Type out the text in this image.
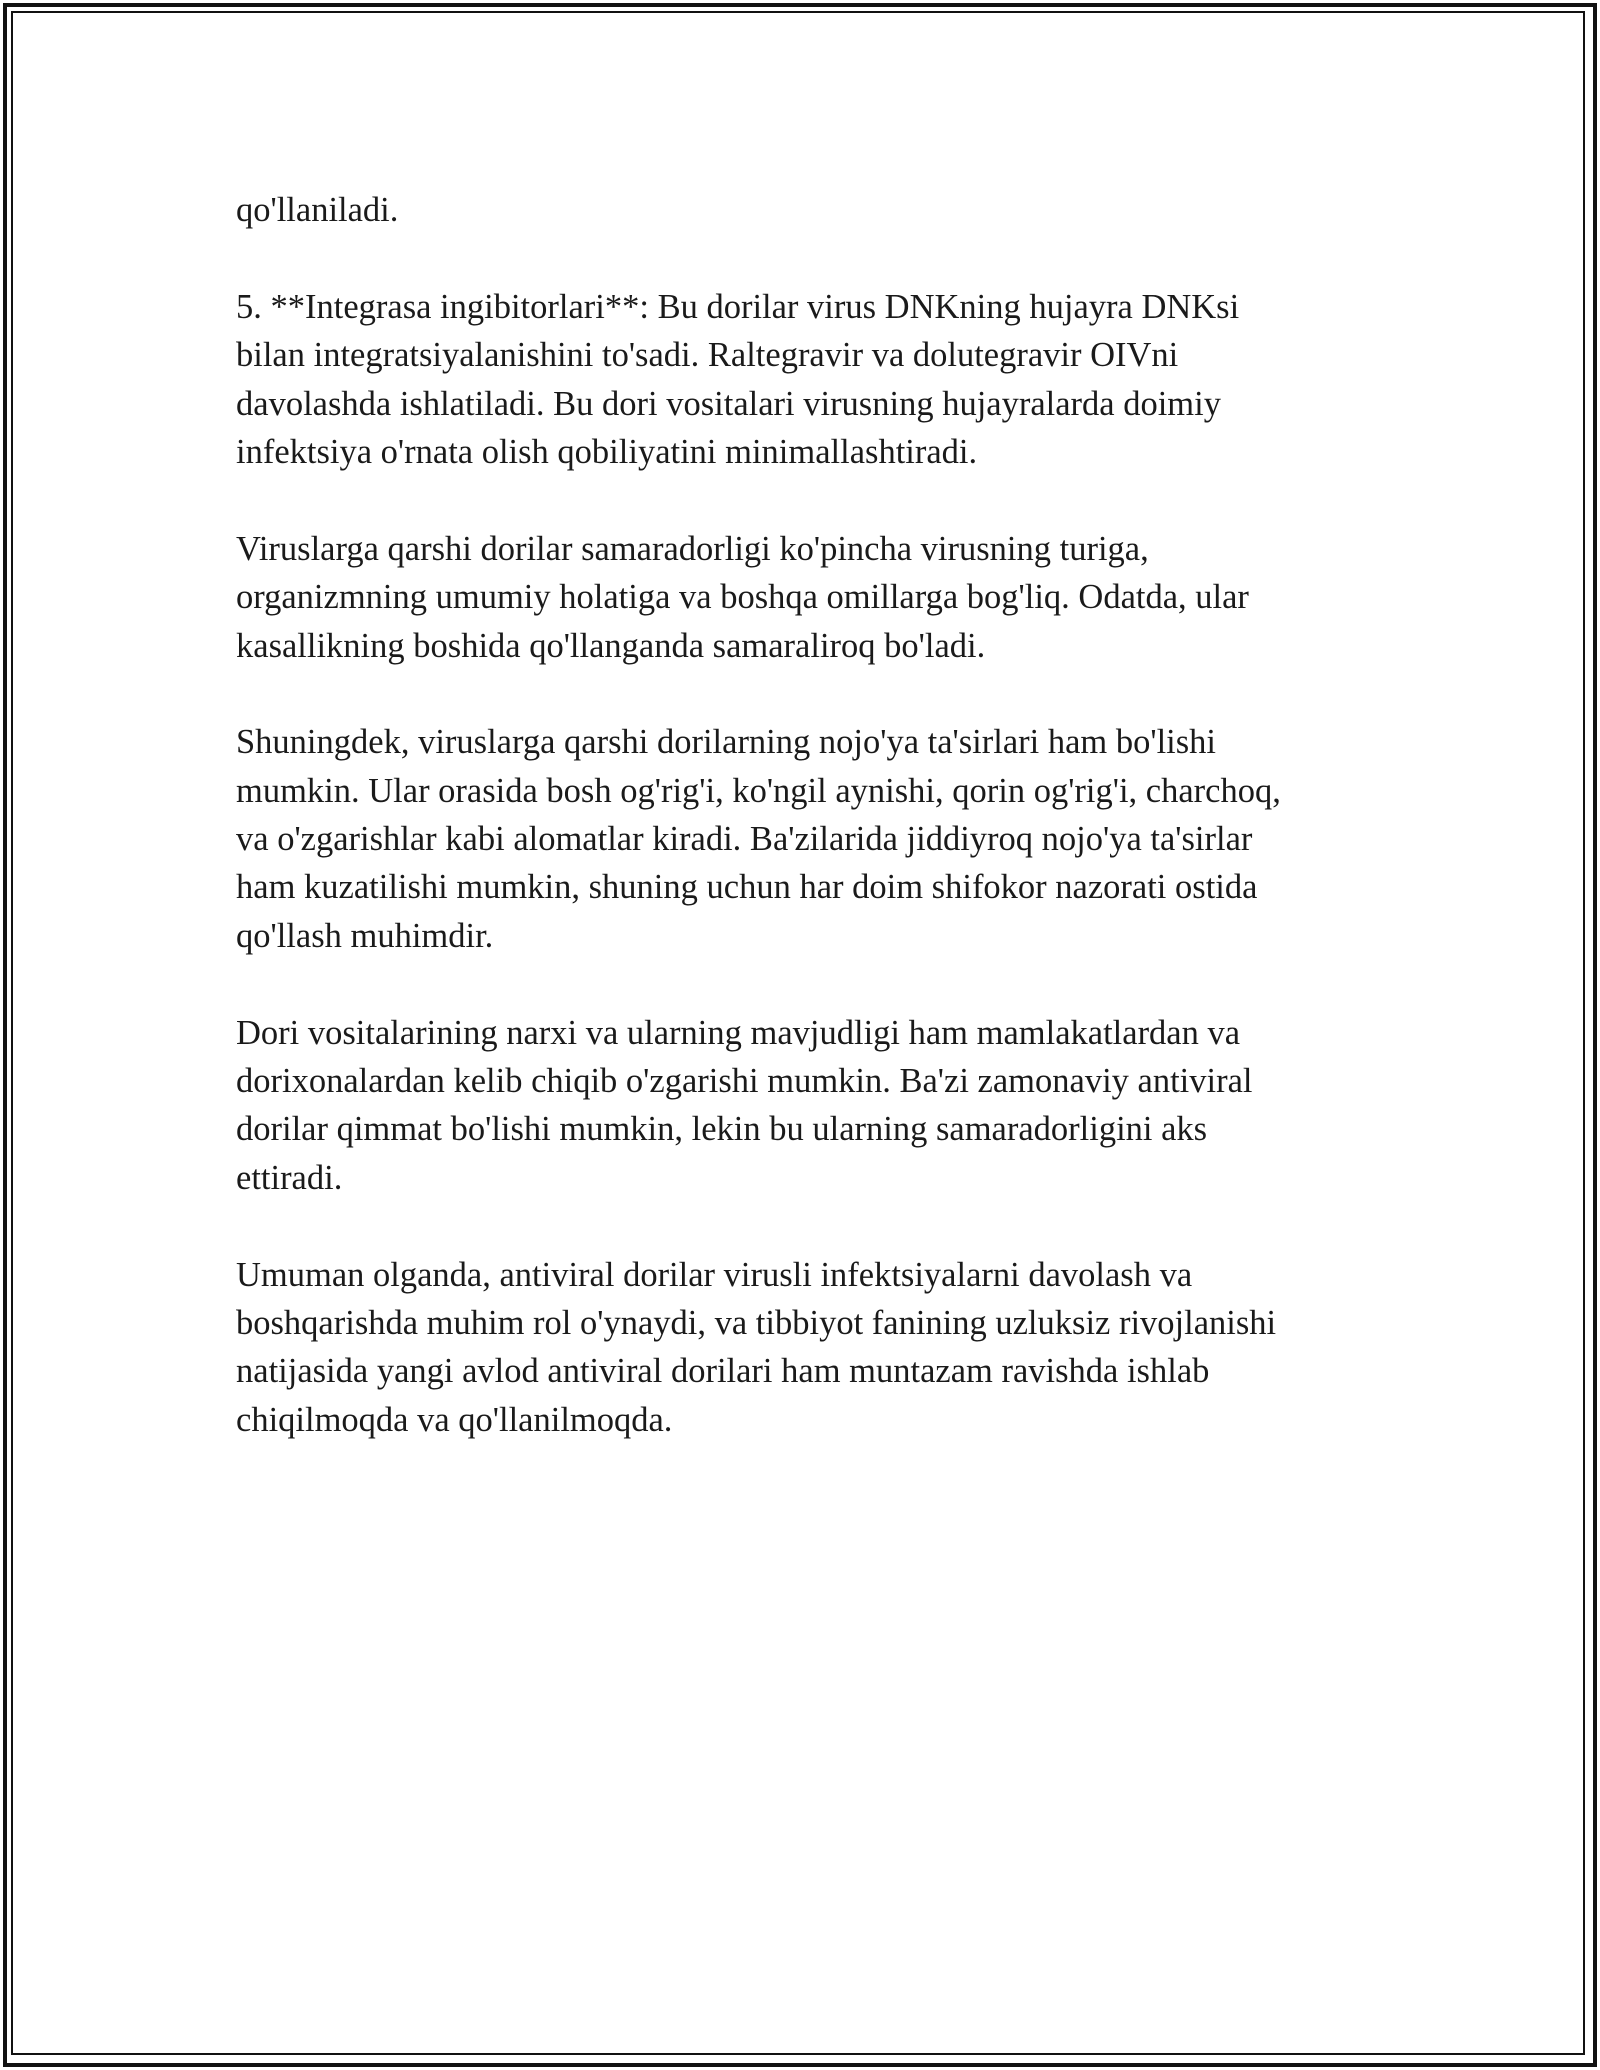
qo'llaniladi.
5. **Integrasa ingibitorlari**: Bu dorilar virus DNKning hujayra DNKsi
bilan integratsiyalanishini to'sadi. Raltegravir va dolutegravir OIVni
davolashda ishlatiladi. Bu dori vositalari virusning hujayralarda doimiy
infektsiya o'rnata olish qobiliyatini minimallashtiradi.
Viruslarga qarshi dorilar samaradorligi ko'pincha virusning turiga,
organizmning umumiy holatiga va boshqa omillarga bog'liq. Odatda, ular
kasallikning boshida qo'llanganda samaraliroq bo'ladi.
Shuningdek, viruslarga qarshi dorilarning nojo'ya ta'sirlari ham bo'lishi
mumkin. Ular orasida bosh og'rig'i, ko'ngil aynishi, qorin og'rig'i, charchoq,
va o'zgarishlar kabi alomatlar kiradi. Ba'zilarida jiddiyroq nojo'ya ta'sirlar
ham kuzatilishi mumkin, shuning uchun har doim shifokor nazorati ostida
qo'llash muhimdir.
Dori vositalarining narxi va ularning mavjudligi ham mamlakatlardan va
dorixonalardan kelib chiqib o'zgarishi mumkin. Ba'zi zamonaviy antiviral
dorilar qimmat bo'lishi mumkin, lekin bu ularning samaradorligini aks
ettiradi.
Umuman olganda, antiviral dorilar virusli infektsiyalarni davolash va
boshqarishda muhim rol o'ynaydi, va tibbiyot fanining uzluksiz rivojlanishi
natijasida yangi avlod antiviral dorilari ham muntazam ravishda ishlab
chiqilmoqda va qo'llanilmoqda.
